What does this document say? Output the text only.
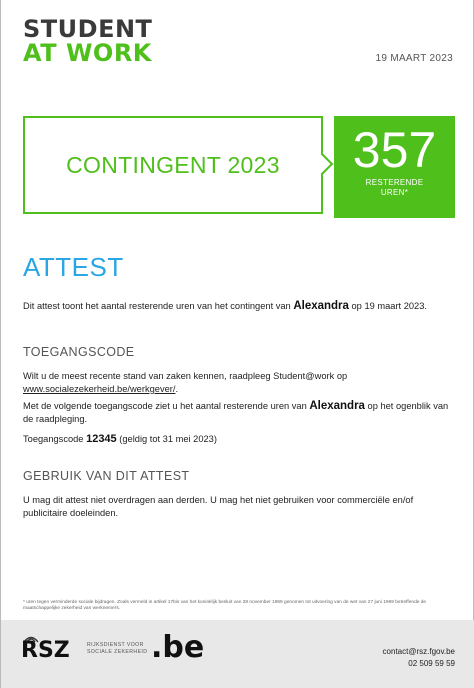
STUDENT
AT WORK	19 MAART 2023
CONTINGENT 2023	357
RESTERENDE
UREN*
ATTEST
Dit attest toont het aantal resterende uren van het contingent van Alexandra op 19 maart 2023.
TOEGANGSCODE
Wilt u de meest recente stand van zaken kennen, raadpleeg Student@work op www.socialezekerheid.be/werkgever/.
Met de volgende toegangscode ziet u het aantal resterende uren van Alexandra op het ogenblik van de raadpleging.
Toegangscode 12345 (geldig tot 31 mei 2023)
GEBRUIK VAN DIT ATTEST
U mag dit attest niet overdragen aan derden. U mag het niet gebruiken voor commerciële en/of publicitaire doeleinden.
* uren tegen verminderde sociale bijdragen. Zoals vermeld in artikel 17bis van het koninklijk besluit van 28 november 1969 genomen tot uitvoering van de wet van 27 juni 1969 betreffende de maatschappelijke zekerheid van werknemers.
RSZ	RIJKSDIENST VOOR SOCIALE ZEKERHEID .be	contact@rsz.fgov.be
02 509 59 59
